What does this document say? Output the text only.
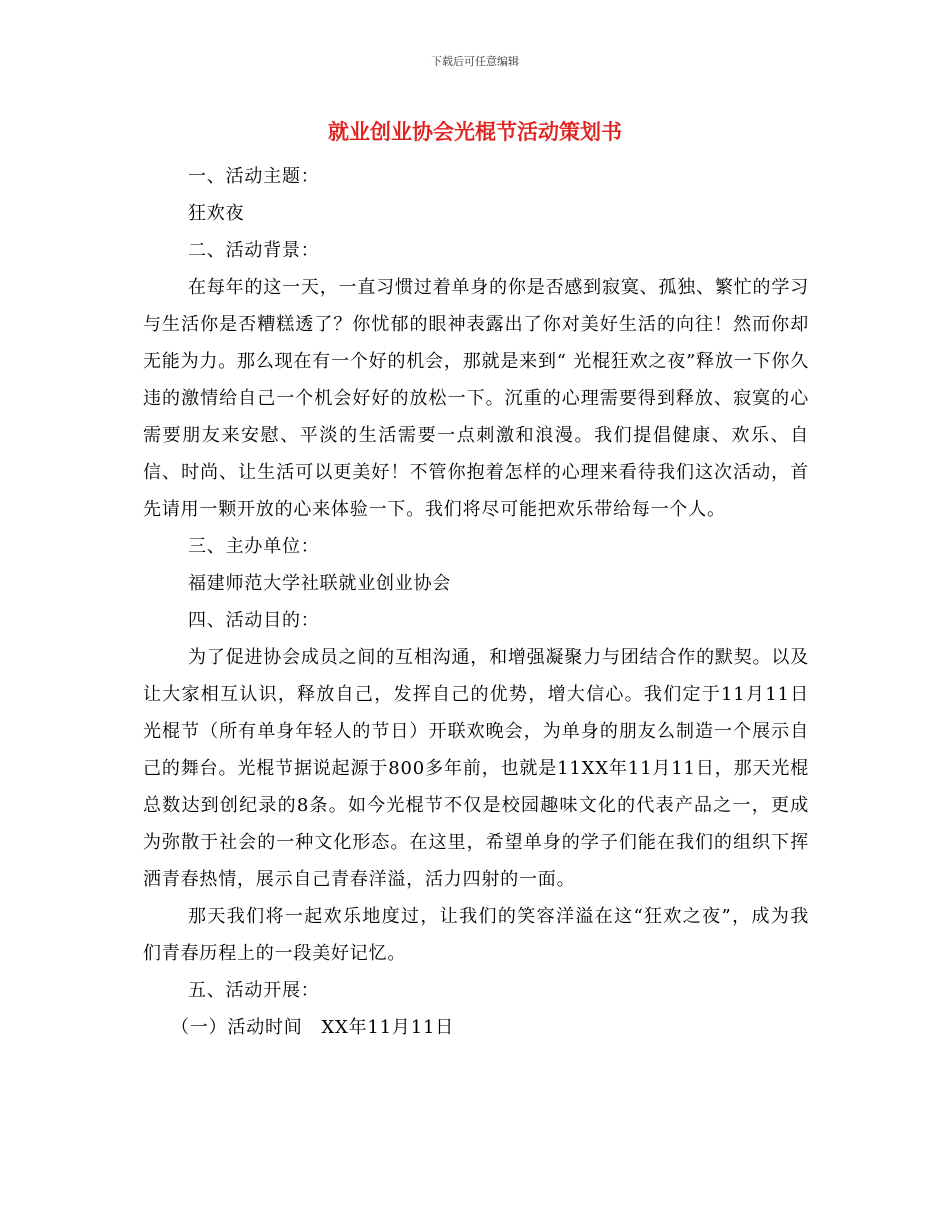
下载后可任意编辑
就业创业协会光棍节活动策划书

一、活动主题：

狂欢夜

二、活动背景：

在每年的这一天，一直习惯过着单身的你是否感到寂寞、孤独、繁忙的学习与生活你是否糟糕透了？你忧郁的眼神表露出了你对美好生活的向往！然而你却无能为力。那么现在有一个好的机会，那就是来到“ 光棍狂欢之夜”释放一下你久违的激情给自己一个机会好好的放松一下。沉重的心理需要得到释放、寂寞的心需要朋友来安慰、平淡的生活需要一点刺激和浪漫。我们提倡健康、欢乐、自信、时尚、让生活可以更美好！不管你抱着怎样的心理来看待我们这次活动，首先请用一颗开放的心来体验一下。我们将尽可能把欢乐带给每一个人。

三、主办单位：

福建师范大学社联就业创业协会

四、活动目的：

为了促进协会成员之间的互相沟通，和增强凝聚力与团结合作的默契。以及让大家相互认识，释放自己，发挥自己的优势，增大信心。我们定于11月11日光棍节（所有单身年轻人的节日）开联欢晚会，为单身的朋友么制造一个展示自己的舞台。光棍节据说起源于800多年前，也就是11XX年11月11日，那天光棍总数达到创纪录的8条。如今光棍节不仅是校园趣味文化的代表产品之一，更成为弥散于社会的一种文化形态。在这里，希望单身的学子们能在我们的组织下挥洒青春热情，展示自己青春洋溢，活力四射的一面。

那天我们将一起欢乐地度过，让我们的笑容洋溢在这“狂欢之夜”，成为我们青春历程上的一段美好记忆。

五、活动开展：

（一）活动时间　XX年11月11日
